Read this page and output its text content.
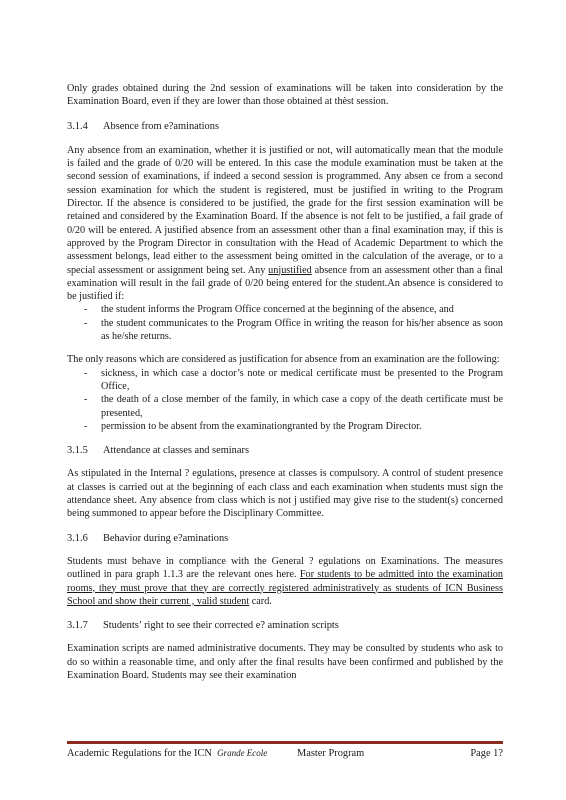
Only grades obtained during the 2nd session of examinations will be taken into consideration by the Examination Board, even if they are lower than those obtained at thèst session.

3.1.4	Absence from e?aminations

Any absence from an examination, whether it is justified or not, will automatically mean that the module is failed and the grade of 0/20 will be entered. In this case the module examination must be taken at the second session of examinations, if indeed a second session is programmed. Any absen ce from a second session examination for which the student is registered, must be justified in writing to the Program Director. If the absence is considered to be justified, the grade for the first session examination will be retained and considered by the Examination Board. If the absence is not felt to be justified, a fail grade of 0/20 will be entered. A justified absence from an assessment other than a final examination may, if this is approved by the Program Director in consultation with the Head of Academic Department to which the assessment belongs, lead either to the assessment being omitted in the calculation of the average, or to a special assessment or assignment being set. Any unjustified absence from an assessment other than a final examination will result in the fail grade of 0/20 being entered for the student.An absence is considered to be justified if:

- the student informs the Program Office concerned at the beginning of the absence, and
- the student communicates to the Program Office in writing the reason for his/her absence as soon as he/she returns.

The only reasons which are considered as justification for absence from an examination are the following:

- sickness, in which case a doctor’s note or medical certificate must be presented to the Program Office,
- the death of a close member of the family, in which case a copy of the death certificate must be presented,
- permission to be absent from the examinationgranted by the Program Director.
3.1.5	Attendance at classes and seminars

As stipulated in the Internal ? egulations, presence at classes is compulsory. A control of student presence at classes is carried out at the beginning of each class and each examination when students must sign the attendance sheet. Any absence from class which is not j ustified may give rise to the student(s) concerned being summoned to appear before the Disciplinary Committee.

3.1.6	Behavior during e?aminations

Students must behave in compliance with the General ? egulations on Examinations. The measures outlined in para graph 1.1.3 are the relevant ones here. For students to be admitted into the examination rooms, they must prove that they are correctly registered administratively as students of ICN Business School and show their current , valid student card.

3.1.7	Students’ right to see their corrected e? amination scripts

Examination scripts are named administrative documents. They may be consulted by students who ask to do so within a reasonable time, and only after the final results have been confirmed and published by the Examination Board. Students may see their examination

Academic Regulations for the ICN Grande Ecole	Master Program	Page 1?
